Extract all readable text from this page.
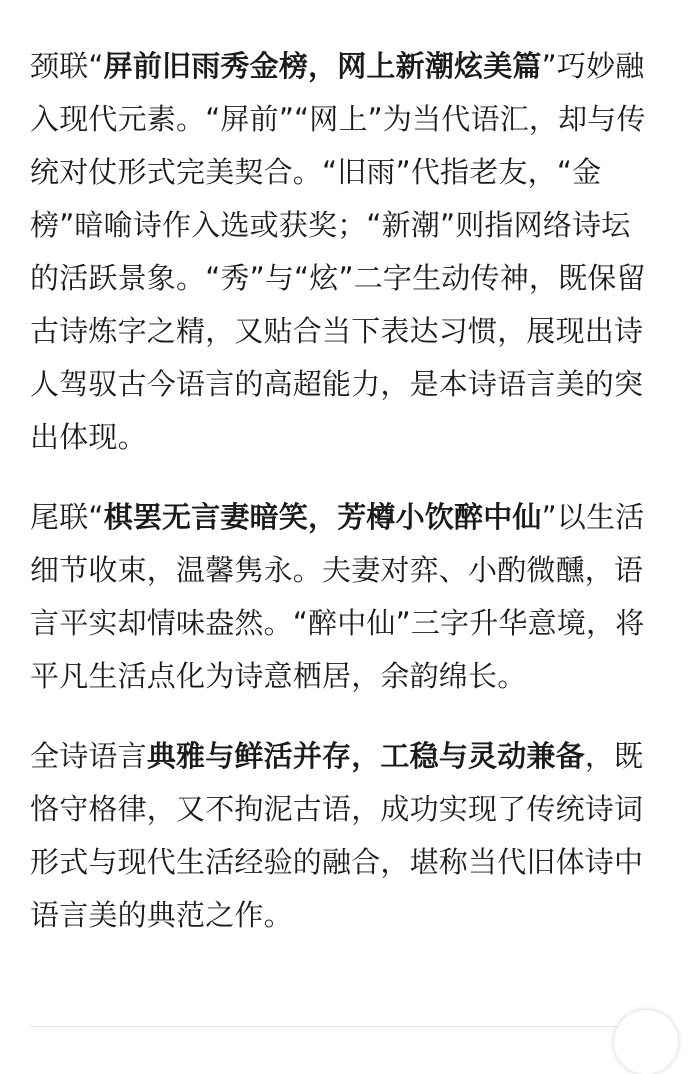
颈联“屏前旧雨秀金榜，网上新潮炫美篇”巧妙融入现代元素。“屏前”“网上”为当代语汇，却与传统对仗形式完美契合。“旧雨”代指老友，“金榜”暗喻诗作入选或获奖；“新潮”则指网络诗坛的活跃景象。“秀”与“炫”二字生动传神，既保留古诗炼字之精，又贴合当下表达习惯，展现出诗人驾驭古今语言的高超能力，是本诗语言美的突出体现。

尾联“棋罢无言妻暗笑，芳樽小饮醉中仙”以生活细节收束，温馨隽永。夫妻对弈、小酌微醺，语言平实却情味盎然。“醉中仙”三字升华意境，将平凡生活点化为诗意栖居，余韵绵长。

全诗语言典雅与鲜活并存，工稳与灵动兼备，既恪守格律，又不拘泥古语，成功实现了传统诗词形式与现代生活经验的融合，堪称当代旧体诗中语言美的典范之作。
